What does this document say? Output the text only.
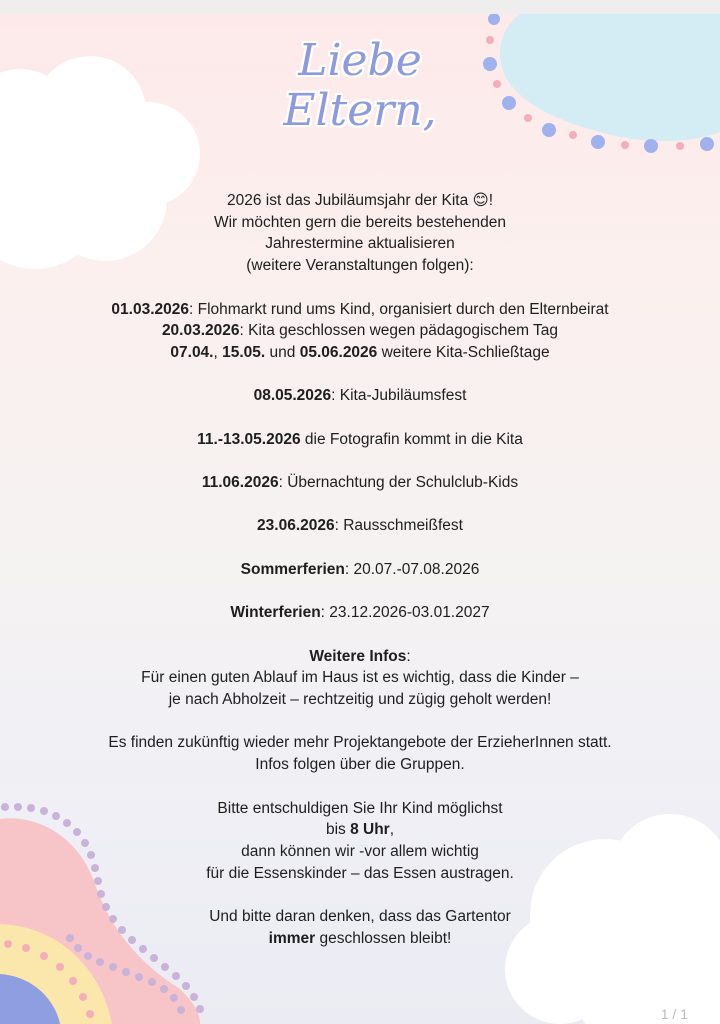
Liebe
Eltern,

2026 ist das Jubiläumsjahr der Kita 😊!

Wir möchten gern die bereits bestehenden

Jahrestermine aktualisieren

(weitere Veranstaltungen folgen):

01.03.2026: Flohmarkt rund ums Kind, organisiert durch den Elternbeirat

20.03.2026: Kita geschlossen wegen pädagogischem Tag

07.04., 15.05. und 05.06.2026 weitere Kita-Schließtage

08.05.2026: Kita-Jubiläumsfest

11.-13.05.2026 die Fotografin kommt in die Kita

11.06.2026: Übernachtung der Schulclub-Kids

23.06.2026: Rausschmeißfest

Sommerferien: 20.07.-07.08.2026

Winterferien: 23.12.2026-03.01.2027

Weitere Infos:

Für einen guten Ablauf im Haus ist es wichtig, dass die Kinder –

je nach Abholzeit – rechtzeitig und zügig geholt werden!

Es finden zukünftig wieder mehr Projektangebote der ErzieherInnen statt.

Infos folgen über die Gruppen.

Bitte entschuldigen Sie Ihr Kind möglichst

bis 8 Uhr,

dann können wir -vor allem wichtig

für die Essenskinder – das Essen austragen.

Und bitte daran denken, dass das Gartentor

immer geschlossen bleibt!

1 / 1
